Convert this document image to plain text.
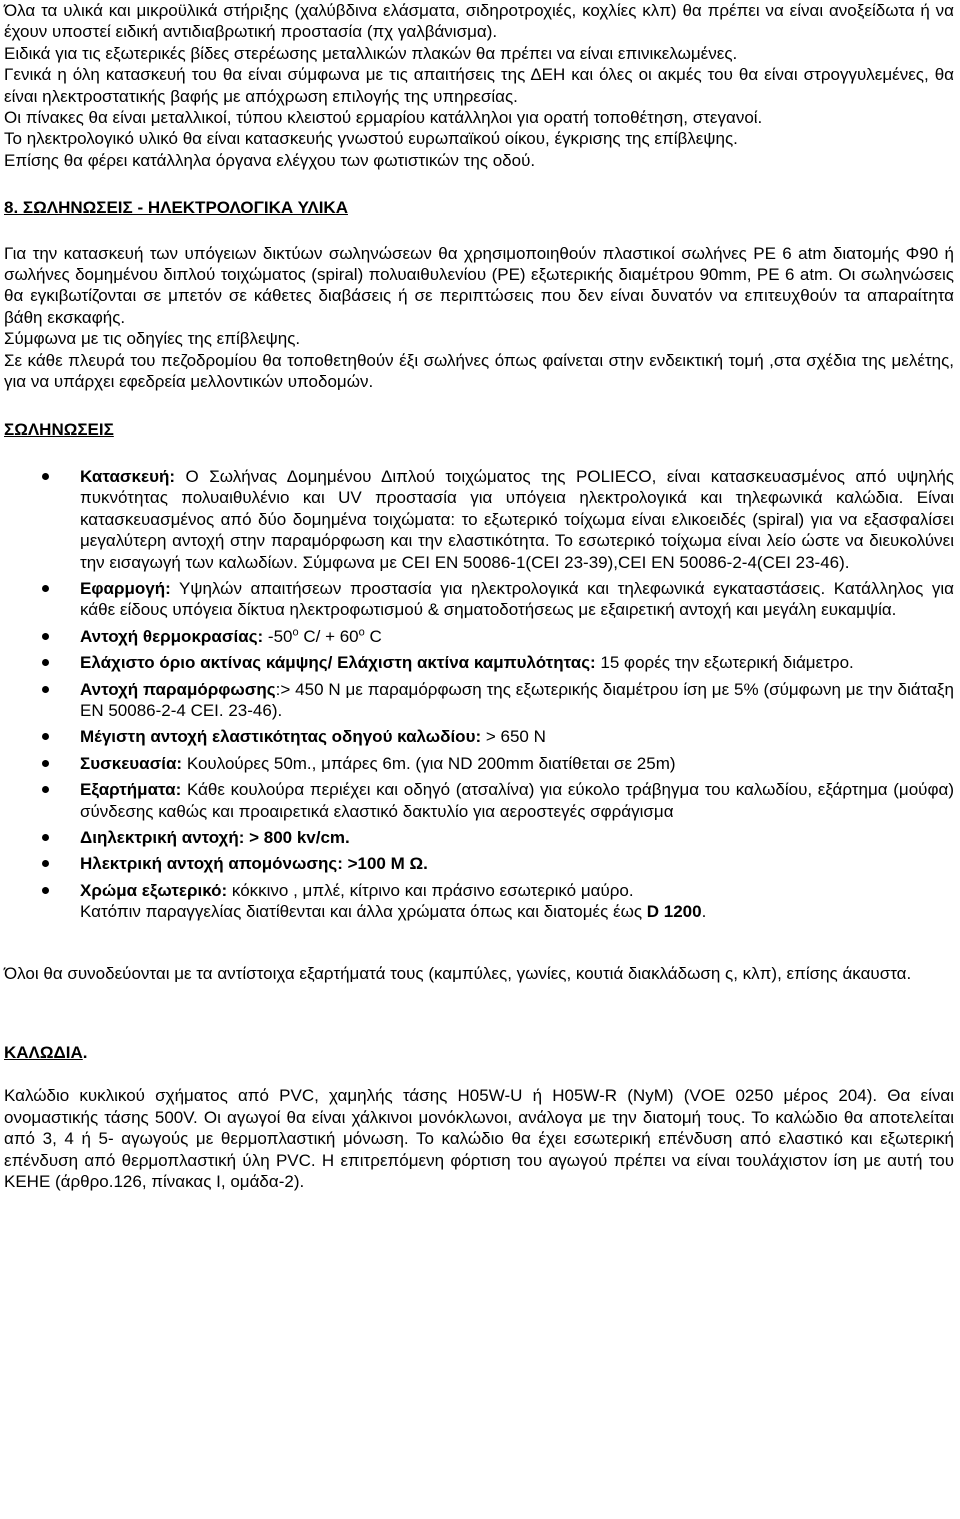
Όλα τα υλικά και μικροϋλικά στήριξης (χαλύβδινα ελάσματα, σιδηροτροχιές, κοχλίες κλπ) θα πρέπει να είναι ανοξείδωτα ή να έχουν υποστεί ειδική αντιδιαβρωτική προστασία (πχ γαλβάνισμα).

Ειδικά για τις εξωτερικές βίδες στερέωσης μεταλλικών πλακών θα πρέπει να είναι επινικελωμένες.

Γενικά η όλη κατασκευή του θα είναι σύμφωνα με τις απαιτήσεις της ΔΕΗ και όλες οι ακμές του θα είναι στρογγυλεμένες, θα είναι ηλεκτροστατικής βαφής με απόχρωση επιλογής της υπηρεσίας.

Οι πίνακες θα είναι μεταλλικοί, τύπου κλειστού ερμαρίου κατάλληλοι για ορατή τοποθέτηση, στεγανοί.

Το ηλεκτρολογικό υλικό θα είναι κατασκευής γνωστού ευρωπαϊκού οίκου, έγκρισης της επίβλεψης.

Επίσης θα φέρει κατάλληλα όργανα ελέγχου των φωτιστικών της οδού.

8. ΣΩΛΗΝΩΣΕΙΣ - ΗΛΕΚΤΡΟΛΟΓΙΚΑ ΥΛΙΚΑ

Για την κατασκευή των υπόγειων δικτύων σωληνώσεων θα χρησιμοποιηθούν πλαστικοί σωλήνες PE 6 atm διατομής Φ90 ή σωλήνες δομημένου διπλού τοιχώματος (spiral) πολυαιθυλενίου (PE) εξωτερικής διαμέτρου 90mm, PE 6 atm. Οι σωληνώσεις θα εγκιβωτίζονται σε μπετόν σε κάθετες διαβάσεις ή σε περιπτώσεις που δεν είναι δυνατόν να επιτευχθούν τα απαραίτητα βάθη εκσκαφής.

Σύμφωνα με τις οδηγίες της επίβλεψης.

Σε κάθε πλευρά του πεζοδρομίου θα τοποθετηθούν έξι σωλήνες όπως φαίνεται στην ενδεικτική τομή ,στα σχέδια της μελέτης, για να υπάρχει εφεδρεία μελλοντικών υποδομών.

ΣΩΛΗΝΩΣΕΙΣ

Κατασκευή: Ο Σωλήνας Δομημένου Διπλού τοιχώματος της POLIECO, είναι κατασκευασμένος από υψηλής πυκνότητας πολυαιθυλένιο και UV προστασία για υπόγεια ηλεκτρολογικά και τηλεφωνικά καλώδια. Είναι κατασκευασμένος από δύο δομημένα τοιχώματα: το εξωτερικό τοίχωμα είναι ελικοειδές (spiral) για να εξασφαλίσει μεγαλύτερη αντοχή στην παραμόρφωση και την ελαστικότητα. Το εσωτερικό τοίχωμα είναι λείο ώστε να διευκολύνει την εισαγωγή των καλωδίων. Σύμφωνα με CEI EN 50086-1(CEI 23-39),CEI EN 50086-2-4(CEI 23-46).
Εφαρμογή: Υψηλών απαιτήσεων προστασία για ηλεκτρολογικά και τηλεφωνικά εγκαταστάσεις. Κατάλληλος για κάθε είδους υπόγεια δίκτυα ηλεκτροφωτισμού & σηματοδοτήσεως με εξαιρετική αντοχή και μεγάλη ευκαμψία.
Αντοχή θερμοκρασίας: -50$^o$ $C/ + 60^o$ C
Ελάχιστο όριο ακτίνας κάμψης/ Ελάχιστη ακτίνα καμπυλότητας: 15 φορές την εξωτερική διάμετρο.
Αντοχή παραμόρφωσης:> 450 N με παραμόρφωση της εξωτερικής διαμέτρου ίση με 5% (σύμφωνη με την διάταξη EN 50086-2-4 CEI. 23-46).
Μέγιστη αντοχή ελαστικότητας οδηγού καλωδίου: > 650 N
Συσκευασία: Κουλούρες 50m., μπάρες 6m. (για ND 200mm διατίθεται σε 25m)
Εξαρτήματα: Κάθε κουλούρα περιέχει και οδηγό (ατσαλίνα) για εύκολο τράβηγμα του καλωδίου, εξάρτημα (μούφα) σύνδεσης καθώς και προαιρετικά ελαστικό δακτυλίο για αεροστεγές σφράγισμα
Διηλεκτρική αντοχή: > 800 kv/cm.
Ηλεκτρική αντοχή απομόνωσης: >100 M Ω.
Χρώμα εξωτερικό: κόκκινο , μπλέ, κίτρινο και πράσινο εσωτερικό μαύρο.
Κατόπιν παραγγελίας διατίθενται και άλλα χρώματα όπως και διατομές έως D 1200.

Όλοι θα συνοδεύονται με τα αντίστοιχα εξαρτήματά τους (καμπύλες, γωνίες, κουτιά διακλάδωση ς, κλπ), επίσης άκαυστα.

ΚΑΛΩΔΙΑ.

Καλώδιο κυκλικού σχήματος από PVC, χαμηλής τάσης H05W-U ή H05W-R (NyM) (VOE 0250 μέρος 204). Θα είναι ονομαστικής τάσης 500V. Οι αγωγοί θα είναι χάλκινοι μονόκλωνοι, ανάλογα με την διατομή τους. Το καλώδιο θα αποτελείται από 3, 4 ή 5- αγωγούς με θερμοπλαστική μόνωση. Το καλώδιο θα έχει εσωτερική επένδυση από ελαστικό και εξωτερική επένδυση από θερμοπλαστική ύλη PVC. Η επιτρεπόμενη φόρτιση του αγωγού πρέπει να είναι τουλάχιστον ίση με αυτή του ΚΕΗΕ (άρθρο.126, πίνακας Ι, ομάδα-2).
